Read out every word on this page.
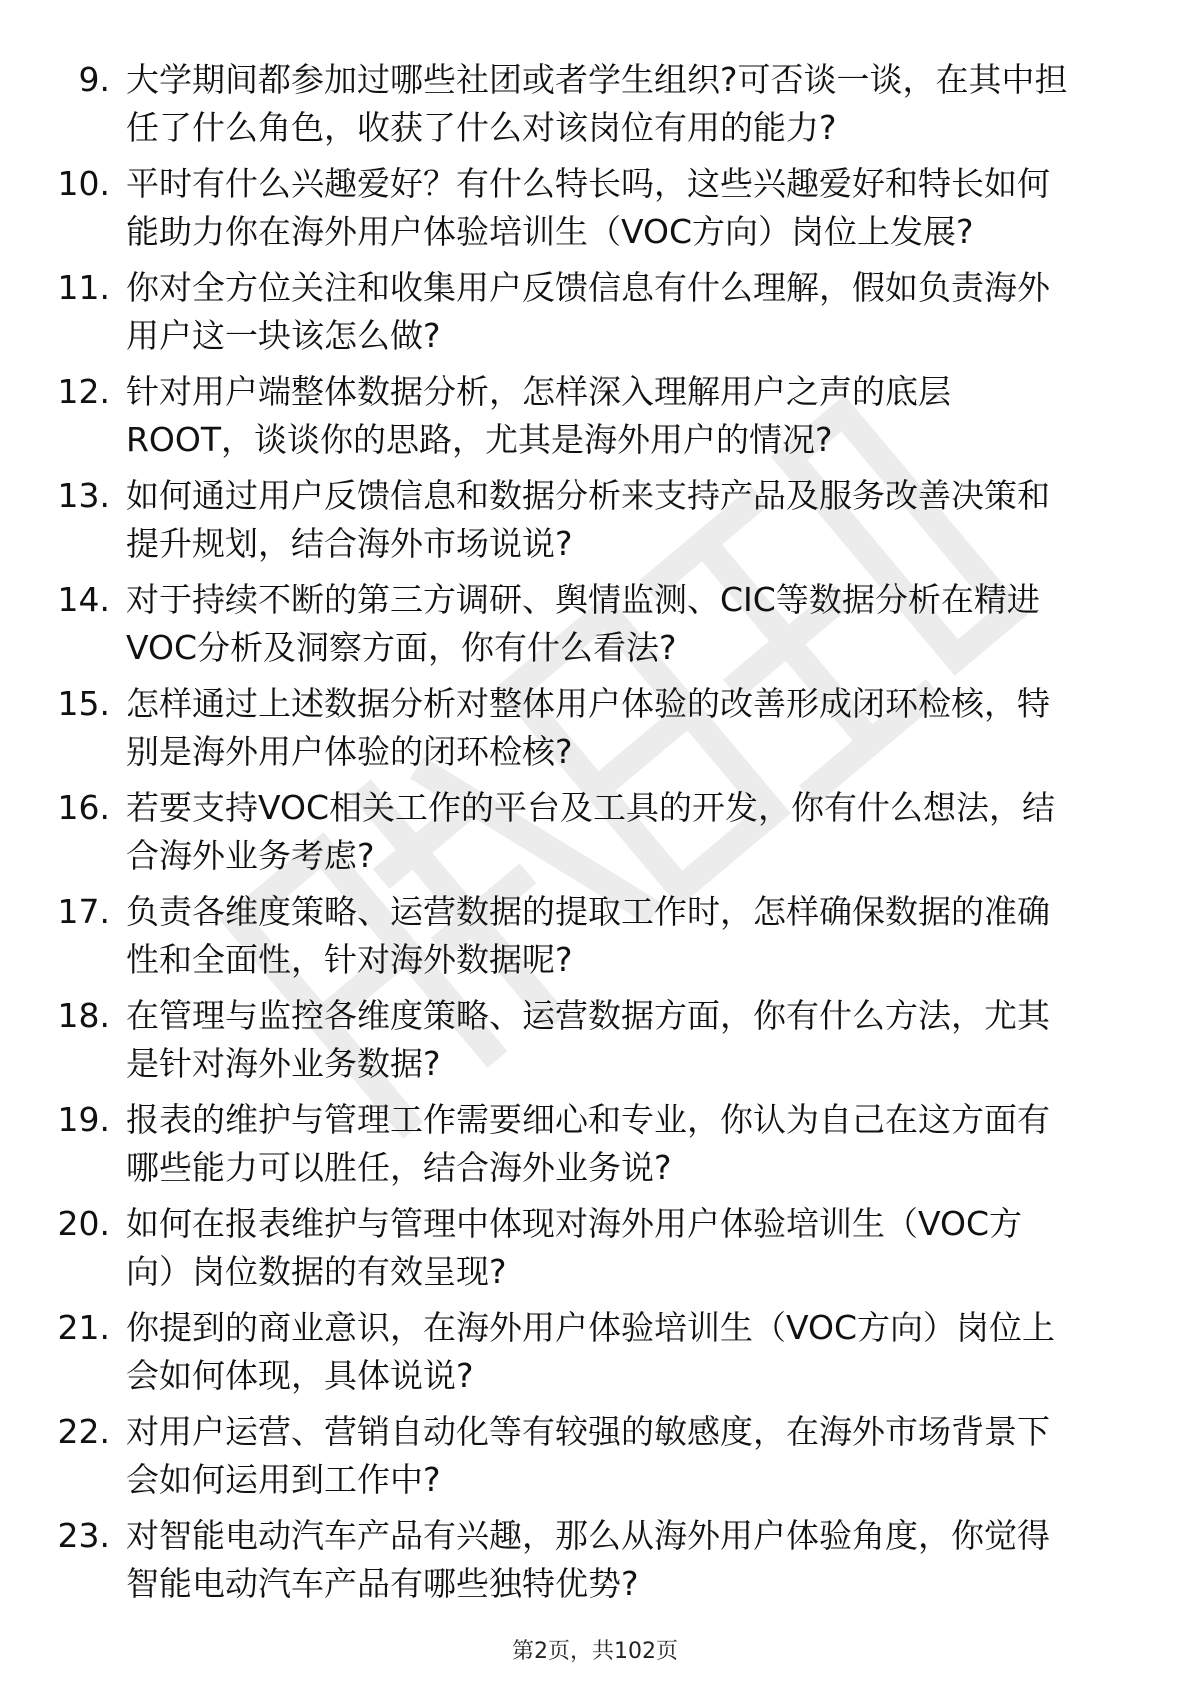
9. 大学期间都参加过哪些社团或者学生组织?可否谈一谈，在其中担
任了什么角色，收获了什么对该岗位有用的能力?
10. 平时有什么兴趣爱好？有什么特长吗，这些兴趣爱好和特长如何
能助力你在海外用户体验培训生（VOC方向）岗位上发展?
11. 你对全方位关注和收集用户反馈信息有什么理解，假如负责海外
用户这一块该怎么做?
12. 针对用户端整体数据分析，怎样深入理解用户之声的底层
ROOT，谈谈你的思路，尤其是海外用户的情况?
13. 如何通过用户反馈信息和数据分析来支持产品及服务改善决策和
提升规划，结合海外市场说说?
14. 对于持续不断的第三方调研、舆情监测、CIC等数据分析在精进
VOC分析及洞察方面，你有什么看法?
15. 怎样通过上述数据分析对整体用户体验的改善形成闭环检核，特
别是海外用户体验的闭环检核?
16. 若要支持VOC相关工作的平台及工具的开发，你有什么想法，结
合海外业务考虑?
17. 负责各维度策略、运营数据的提取工作时，怎样确保数据的准确
性和全面性，针对海外数据呢?
18. 在管理与监控各维度策略、运营数据方面，你有什么方法，尤其
是针对海外业务数据?
19. 报表的维护与管理工作需要细心和专业，你认为自己在这方面有
哪些能力可以胜任，结合海外业务说?
20. 如何在报表维护与管理中体现对海外用户体验培训生（VOC方
向）岗位数据的有效呈现?
21. 你提到的商业意识，在海外用户体验培训生（VOC方向）岗位上
会如何体现，具体说说?
22. 对用户运营、营销自动化等有较强的敏感度，在海外市场背景下
会如何运用到工作中?
23. 对智能电动汽车产品有兴趣，那么从海外用户体验角度，你觉得
智能电动汽车产品有哪些独特优势?
第2页，共102页
